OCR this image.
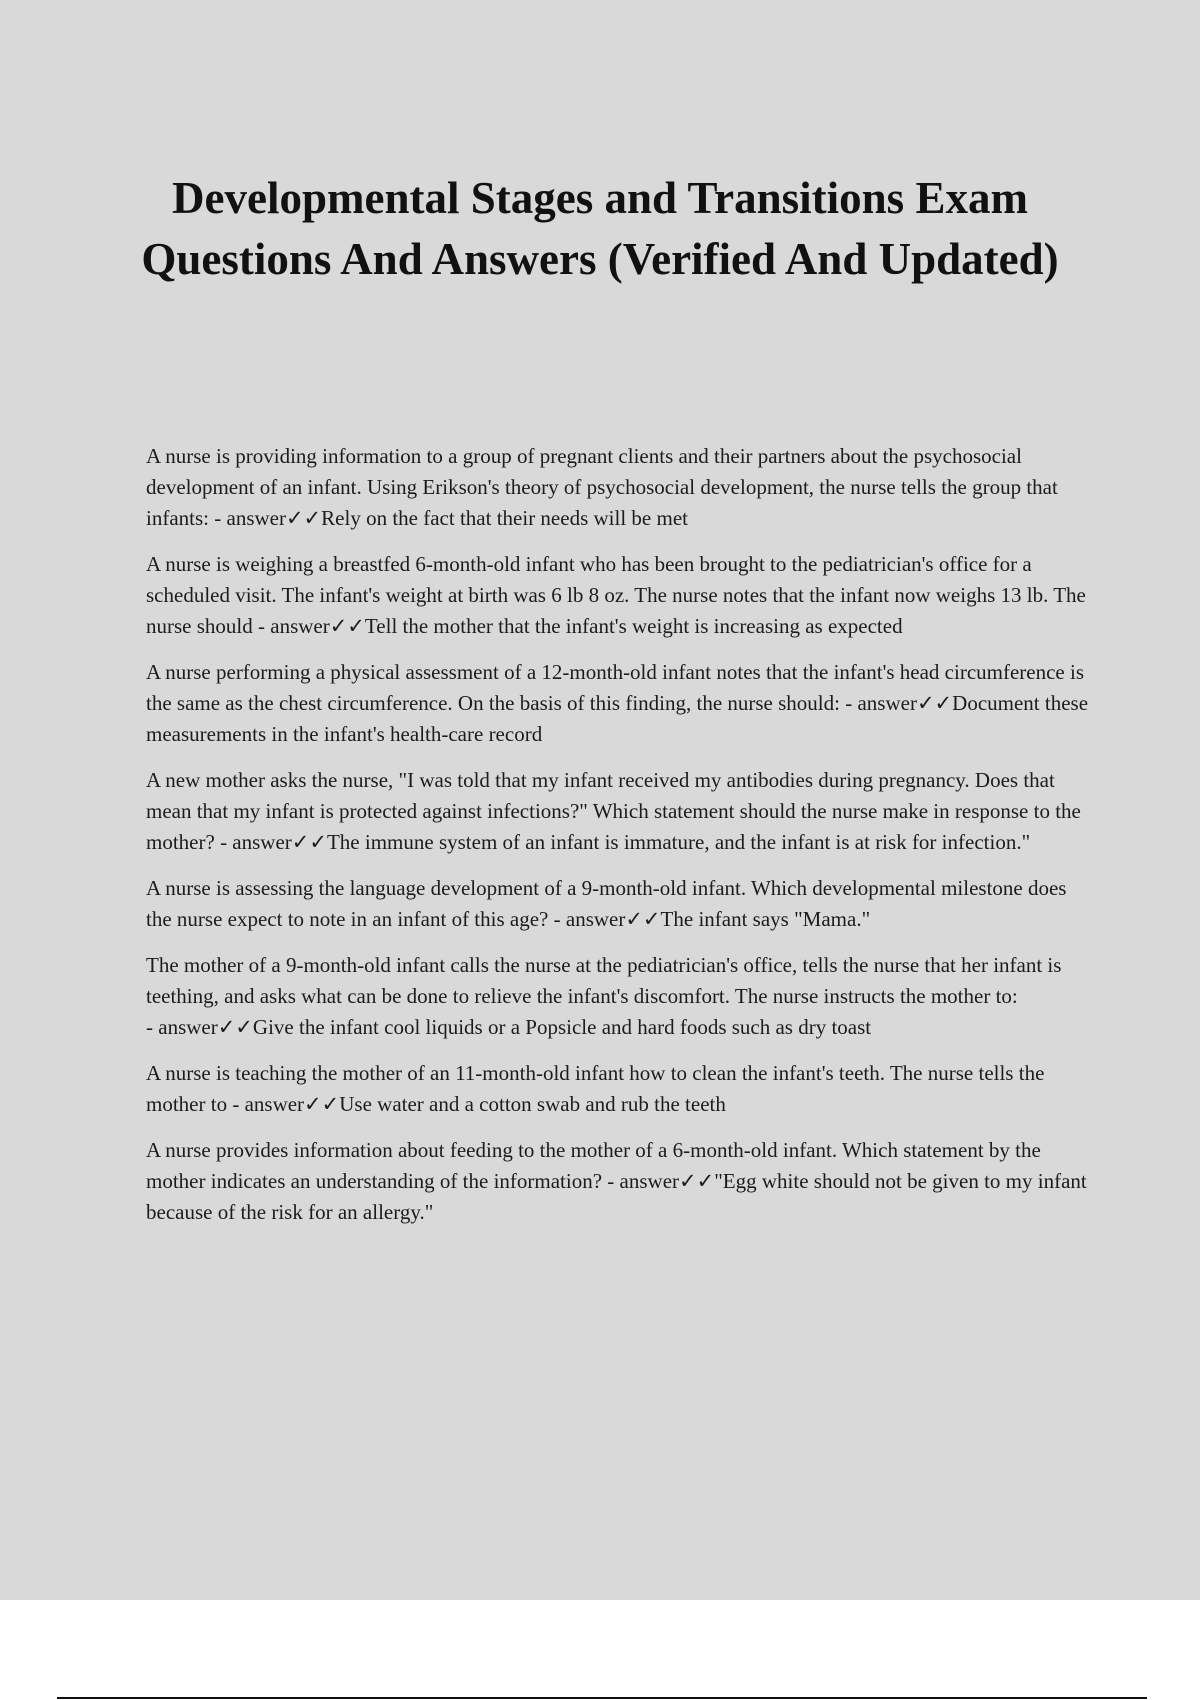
Developmental Stages and Transitions Exam Questions And Answers (Verified And Updated)

A nurse is providing information to a group of pregnant clients and their partners about the psychosocial development of an infant. Using Erikson's theory of psychosocial development, the nurse tells the group that infants: - answer✓✓Rely on the fact that their needs will be met

A nurse is weighing a breastfed 6-month-old infant who has been brought to the pediatrician's office for a scheduled visit. The infant's weight at birth was 6 lb 8 oz. The nurse notes that the infant now weighs 13 lb. The nurse should - answer✓✓Tell the mother that the infant's weight is increasing as expected

A nurse performing a physical assessment of a 12-month-old infant notes that the infant's head circumference is the same as the chest circumference. On the basis of this finding, the nurse should: - answer✓✓Document these measurements in the infant's health-care record

A new mother asks the nurse, "I was told that my infant received my antibodies during pregnancy. Does that mean that my infant is protected against infections?" Which statement should the nurse make in response to the mother? - answer✓✓The immune system of an infant is immature, and the infant is at risk for infection."

A nurse is assessing the language development of a 9-month-old infant. Which developmental milestone does the nurse expect to note in an infant of this age? - answer✓✓The infant says "Mama."

The mother of a 9-month-old infant calls the nurse at the pediatrician's office, tells the nurse that her infant is teething, and asks what can be done to relieve the infant's discomfort. The nurse instructs the mother to: - answer✓✓Give the infant cool liquids or a Popsicle and hard foods such as dry toast

A nurse is teaching the mother of an 11-month-old infant how to clean the infant's teeth. The nurse tells the mother to - answer✓✓Use water and a cotton swab and rub the teeth

A nurse provides information about feeding to the mother of a 6-month-old infant. Which statement by the mother indicates an understanding of the information? - answer✓✓"Egg white should not be given to my infant because of the risk for an allergy."
